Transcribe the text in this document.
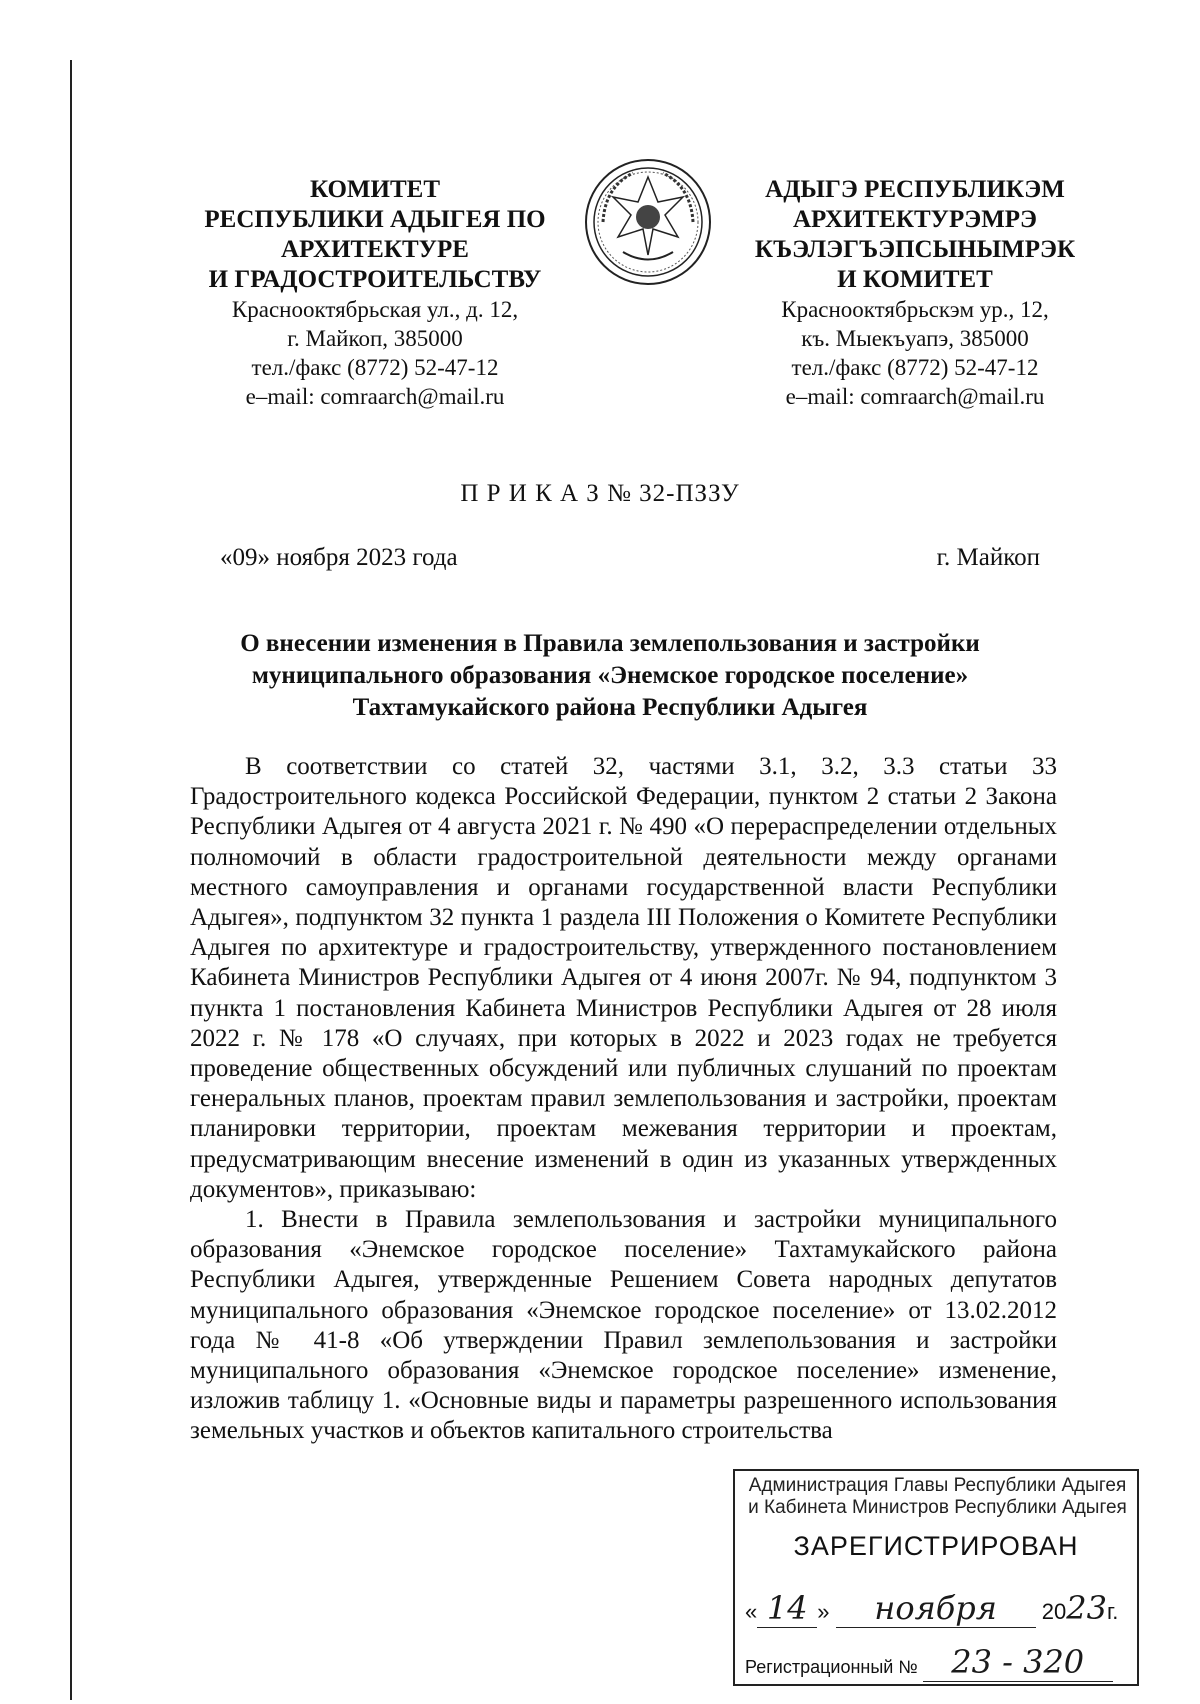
КОМИТЕТ
РЕСПУБЛИКИ АДЫГЕЯ ПО
АРХИТЕКТУРЕ
И ГРАДОСТРОИТЕЛЬСТВУ
Краснооктябрьская ул., д. 12,
г. Майкоп, 385000
тел./факс (8772) 52-47-12
e–mail: comraarch@mail.ru
АДЫГЭ РЕСПУБЛИКЭМ
АРХИТЕКТУРЭМРЭ
КЪЭЛЭГЪЭПСЫНЫМРЭК
И КОМИТЕТ
Краснооктябрьскэм ур., 12,
къ. Мыекъуапэ, 385000
тел./факс (8772) 52-47-12
e–mail: comraarch@mail.ru
П Р И К А З № 32-ПЗЗУ
«09» ноября 2023 года	г. Майкоп
О внесении изменения в Правила землепользования и застройки муниципального образования «Энемское городское поселение» Тахтамукайского района Республики Адыгея

В соответствии со статей 32, частями 3.1, 3.2, 3.3 статьи 33 Градостроительного кодекса Российской Федерации, пунктом 2 статьи 2 Закона Республики Адыгея от 4 августа 2021 г. № 490 «О перераспределении отдельных полномочий в области градостроительной деятельности между органами местного самоуправления и органами государственной власти Республики Адыгея», подпунктом 32 пункта 1 раздела III Положения о Комитете Республики Адыгея по архитектуре и градостроительству, утвержденного постановлением Кабинета Министров Республики Адыгея от 4 июня 2007г. № 94, подпунктом 3 пункта 1 постановления Кабинета Министров Республики Адыгея от 28 июля 2022 г. № 178 «О случаях, при которых в 2022 и 2023 годах не требуется проведение общественных обсуждений или публичных слушаний по проектам генеральных планов, проектам правил землепользования и застройки, проектам планировки территории, проектам межевания территории и проектам, предусматривающим внесение изменений в один из указанных утвержденных документов», приказываю:

1. Внести в Правила землепользования и застройки муниципального образования «Энемское городское поселение» Тахтамукайского района Республики Адыгея, утвержденные Решением Совета народных депутатов муниципального образования «Энемское городское поселение» от 13.02.2012 года № 41-8 «Об утверждении Правил землепользования и застройки муниципального образования «Энемское городское поселение» изменение, изложив таблицу 1. «Основные виды и параметры разрешенного использования земельных участков и объектов капитального строительства

Администрация Главы Республики Адыгея
и Кабинета Министров Республики Адыгея
ЗАРЕГИСТРИРОВАН
« 14 » ноября 2023г.
Регистрационный № 23 - 320
